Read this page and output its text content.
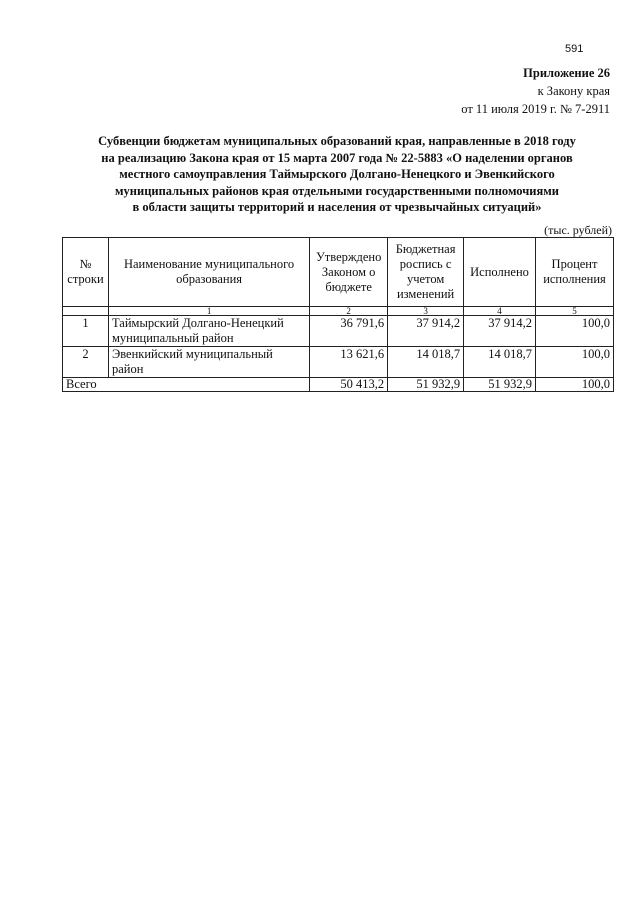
591
Приложение 26
к Закону края
от 11 июля 2019 г. № 7-2911
Субвенции бюджетам муниципальных образований края, направленные в 2018 году
на реализацию Закона края от 15 марта 2007 года № 22-5883 «О наделении органов
местного самоуправления Таймырского Долгано-Ненецкого и Эвенкийского
муниципальных районов края отдельными государственными полномочиями
в области защиты территорий и населения от чрезвычайных ситуаций»
(тыс. рублей)
№ строки	Наименование муниципального образования	Утверждено Законом о бюджете	Бюджетная роспись с учетом изменений	Исполнено	Процент исполнения
	1	2	3	4	5
1	Таймырский Долгано-Ненецкий муниципальный район	36 791,6	37 914,2	37 914,2	100,0
2	Эвенкийский муниципальный район	13 621,6	14 018,7	14 018,7	100,0
Всего		50 413,2	51 932,9	51 932,9	100,0
